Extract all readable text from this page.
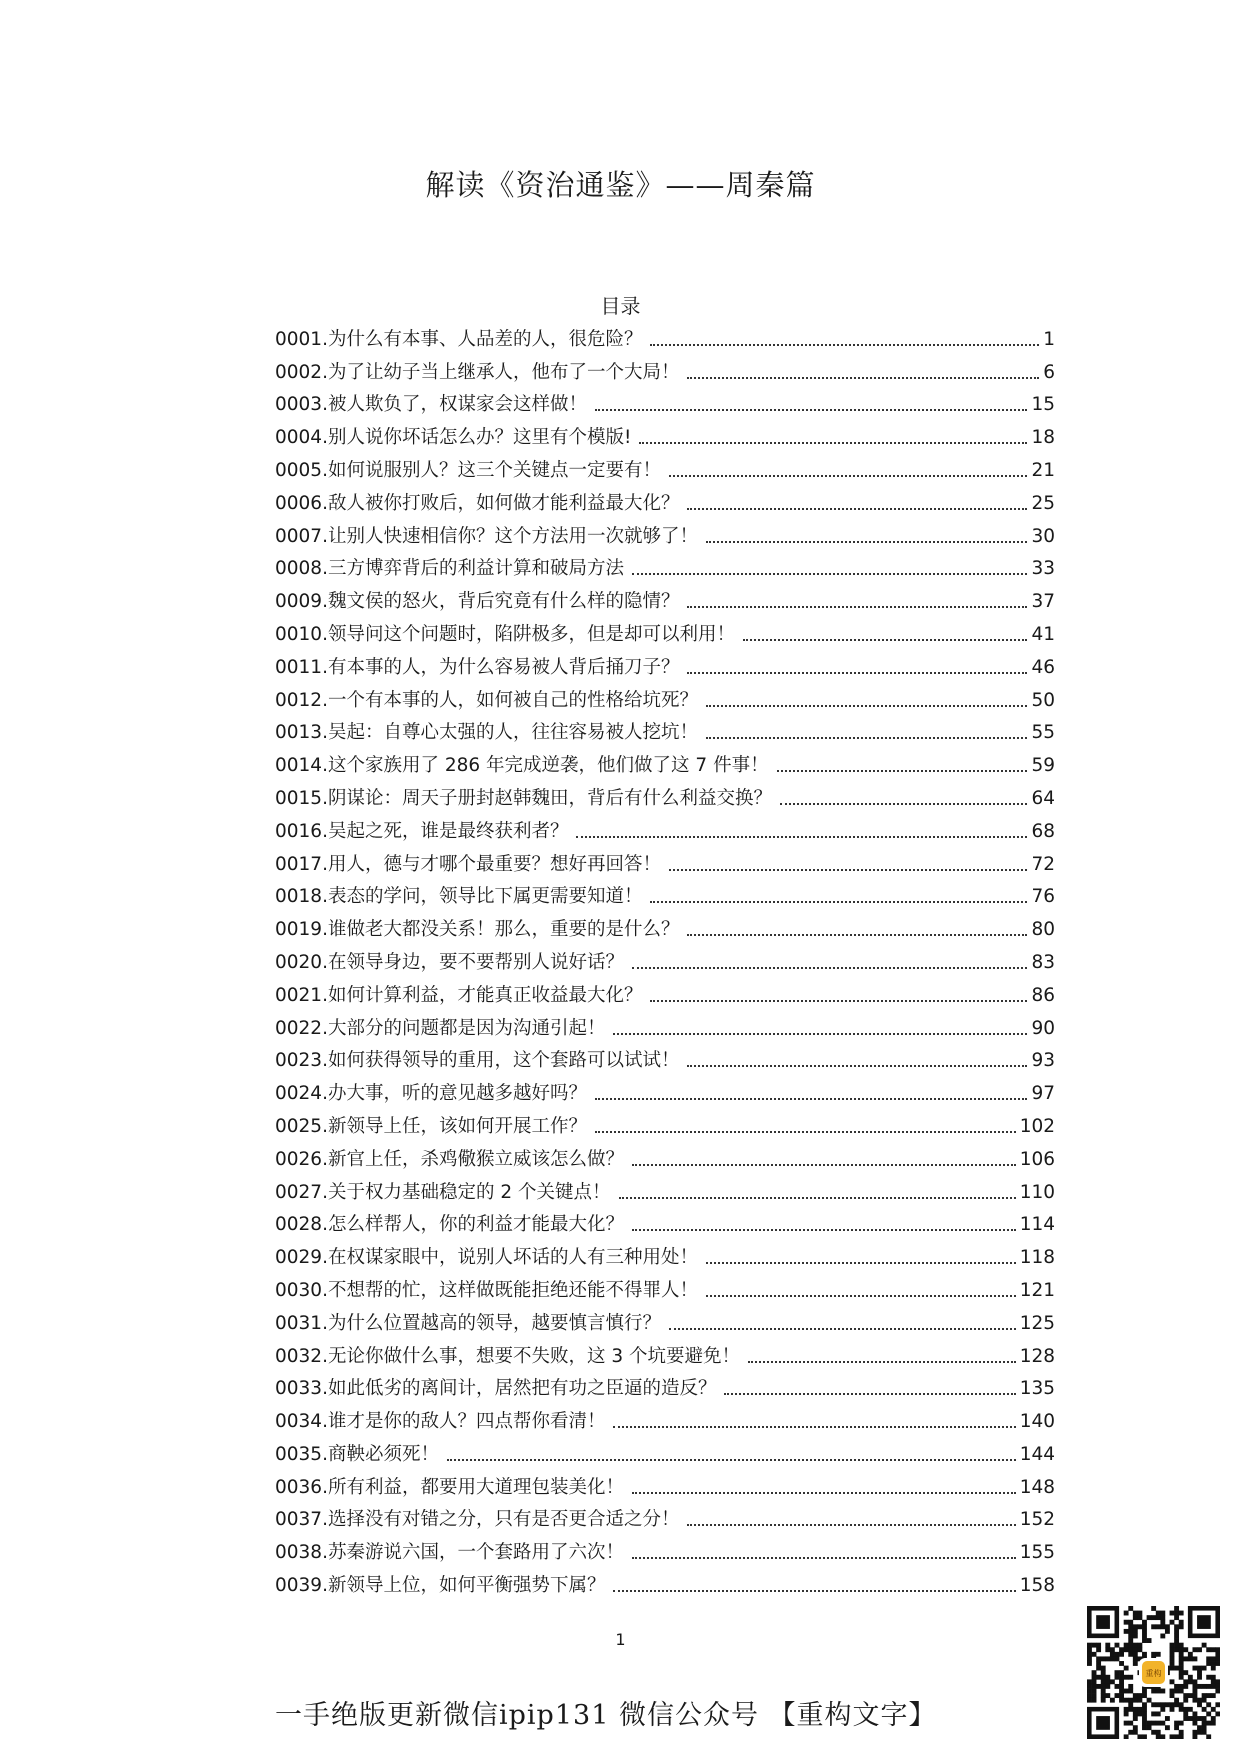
解读《资治通鉴》——周秦篇
目录
0001. 为什么有本事、人品差的人，很危险？	1
0002. 为了让幼子当上继承人，他布了一个大局！	6
0003. 被人欺负了，权谋家会这样做！	15
0004. 别人说你坏话怎么办？这里有个模版!	18
0005. 如何说服别人？这三个关键点一定要有！	21
0006. 敌人被你打败后，如何做才能利益最大化？	25
0007. 让别人快速相信你？这个方法用一次就够了！	30
0008. 三方博弈背后的利益计算和破局方法	33
0009. 魏文侯的怒火，背后究竟有什么样的隐情？	37
0010. 领导问这个问题时，陷阱极多，但是却可以利用！	41
0011. 有本事的人，为什么容易被人背后捅刀子？	46
0012. 一个有本事的人，如何被自己的性格给坑死？	50
0013. 吴起：自尊心太强的人，往往容易被人挖坑！	55
0014. 这个家族用了 286 年完成逆袭，他们做了这 7 件事！	59
0015. 阴谋论：周天子册封赵韩魏田，背后有什么利益交换？	64
0016. 吴起之死，谁是最终获利者？	68
0017. 用人，德与才哪个最重要？想好再回答！	72
0018. 表态的学问，领导比下属更需要知道！	76
0019. 谁做老大都没关系！那么，重要的是什么？	80
0020. 在领导身边，要不要帮别人说好话？	83
0021. 如何计算利益，才能真正收益最大化？	86
0022. 大部分的问题都是因为沟通引起！	90
0023. 如何获得领导的重用，这个套路可以试试！	93
0024. 办大事，听的意见越多越好吗？	97
0025. 新领导上任，该如何开展工作？	102
0026. 新官上任，杀鸡儆猴立威该怎么做？	106
0027. 关于权力基础稳定的 2 个关键点！	110
0028. 怎么样帮人，你的利益才能最大化？	114
0029. 在权谋家眼中，说别人坏话的人有三种用处！	118
0030. 不想帮的忙，这样做既能拒绝还能不得罪人！	121
0031. 为什么位置越高的领导，越要慎言慎行？	125
0032. 无论你做什么事，想要不失败，这 3 个坑要避免！	128
0033. 如此低劣的离间计，居然把有功之臣逼的造反？	135
0034. 谁才是你的敌人？四点帮你看清！	140
0035. 商鞅必须死！	144
0036. 所有利益，都要用大道理包装美化！	148
0037. 选择没有对错之分，只有是否更合适之分！	152
0038. 苏秦游说六国，一个套路用了六次！	155
0039. 新领导上位，如何平衡强势下属？	158
1
一手绝版更新微信ipip131 微信公众号 【重构文字】
重构
